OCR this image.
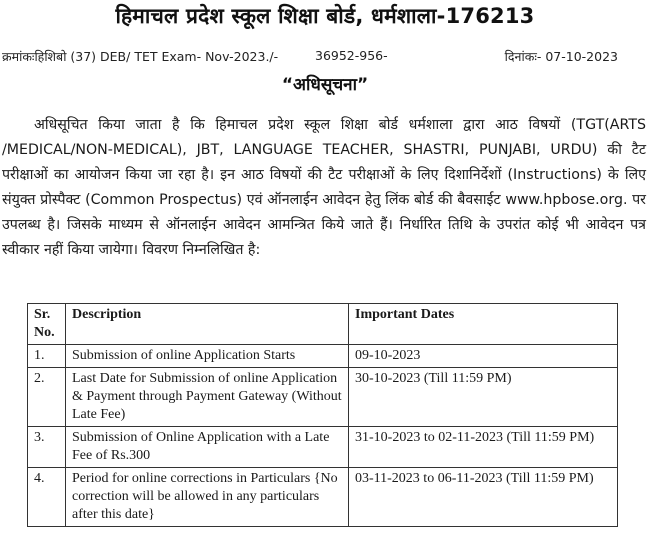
हिमाचल प्रदेश स्कूल शिक्षा बोर्ड, धर्मशाला-176213
क्रमांकःहिशिबो (37) DEB/ TET Exam- Nov-2023./-	36952-956-	दिनांकः- 07-10-2023
“अधिसूचना”

अधिसूचित किया जाता है कि हिमाचल प्रदेश स्कूल शिक्षा बोर्ड धर्मशाला द्वारा आठ विषयों (TGT(ARTS /MEDICAL/NON-MEDICAL), JBT, LANGUAGE TEACHER, SHASTRI, PUNJABI, URDU) की टैट परीक्षाओं का आयोजन किया जा रहा है। इन आठ विषयों की टैट परीक्षाओं के लिए दिशानिर्देशों (Instructions) के लिए संयुक्त प्रोस्पैक्ट (Common Prospectus) एवं ऑनलाईन आवेदन हेतु लिंक बोर्ड की बैवसाईट www.hpbose.org. पर उपलब्ध है। जिसके माध्यम से ऑनलाईन आवेदन आमन्त्रित किये जाते हैं। निर्धारित तिथि के उपरांत कोई भी आवेदन पत्र स्वीकार नहीं किया जायेगा। विवरण निम्नलिखित है:

Sr. No.	Description	Important Dates
1.	Submission of online Application Starts	09-10-2023
2.	Last Date for Submission of online Application & Payment through Payment Gateway (Without Late Fee)	30-10-2023 (Till 11:59 PM)
3.	Submission of Online Application with a Late Fee of Rs.300	31-10-2023 to 02-11-2023 (Till 11:59 PM)
4.	Period for online corrections in Particulars {No correction will be allowed in any particulars after this date}	03-11-2023 to 06-11-2023 (Till 11:59 PM)
